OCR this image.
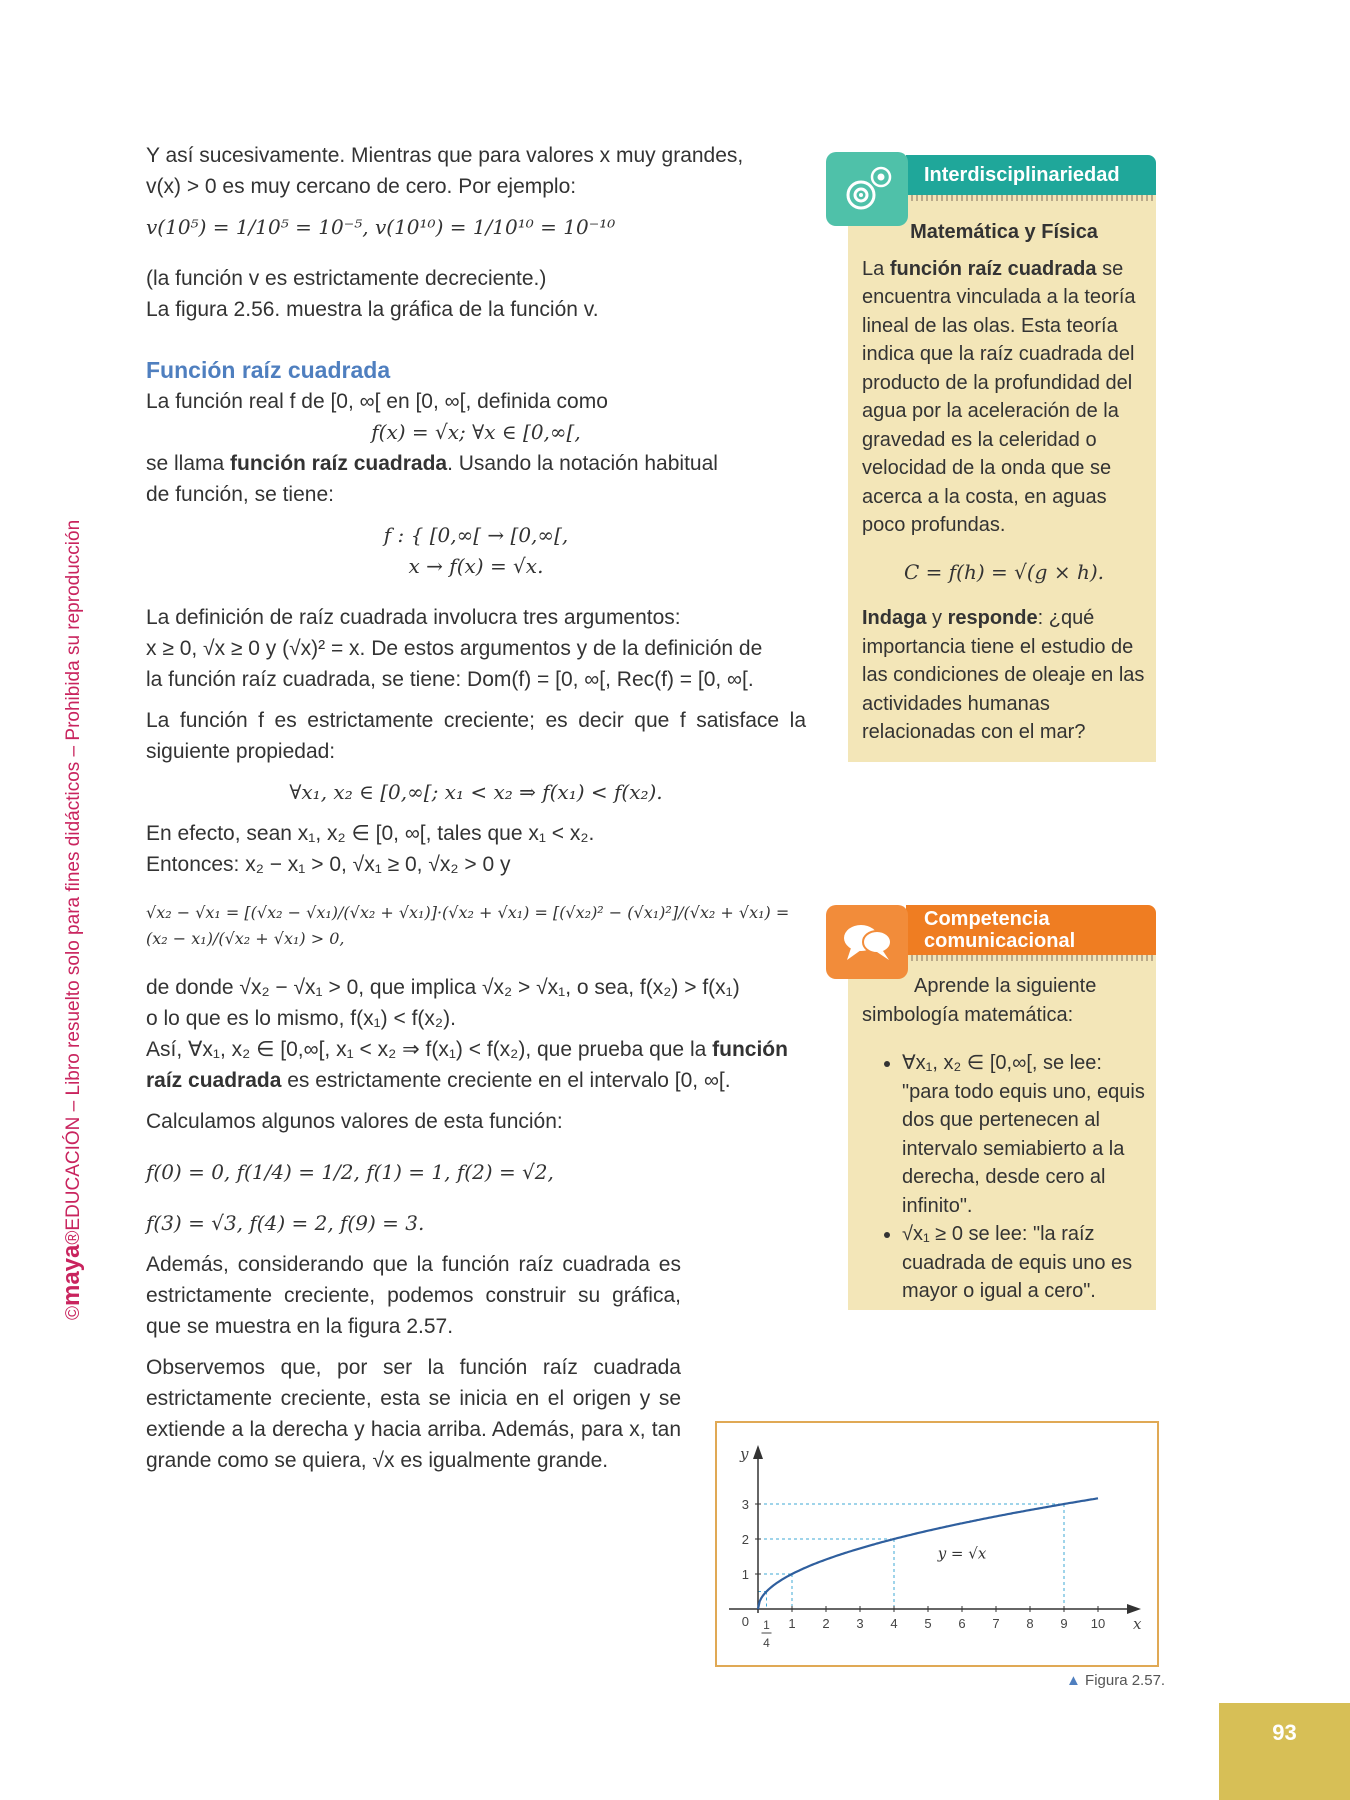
©maya®EDUCACIÓN – Libro resuelto solo para fines didácticos – Prohibida su reproducción

Y así sucesivamente. Mientras que para valores x muy grandes,

v(x) > 0 es muy cercano de cero. Por ejemplo:

v(10⁵) = 1/10⁵ = 10⁻⁵, v(10¹⁰) = 1/10¹⁰ = 10⁻¹⁰

(la función v es estrictamente decreciente.)

La figura 2.56. muestra la gráfica de la función v.

Función raíz cuadrada

La función real f de [0, ∞[ en [0, ∞[, definida como

f(x) = √x; ∀x ∈ [0,∞[,

se llama función raíz cuadrada. Usando la notación habitual

de función, se tiene:

f : { [0,∞[ → [0,∞[,

x → f(x) = √x.

La definición de raíz cuadrada involucra tres argumentos:

x ≥ 0, √x ≥ 0 y (√x)² = x. De estos argumentos y de la definición de

la función raíz cuadrada, se tiene: Dom(f) = [0, ∞[, Rec(f) = [0, ∞[.

La función f es estrictamente creciente; es decir que f satisface la siguiente propiedad:

∀x₁, x₂ ∈ [0,∞[; x₁ < x₂ ⇒ f(x₁) < f(x₂).

En efecto, sean x₁, x₂ ∈ [0, ∞[, tales que x₁ < x₂.

Entonces: x₂ − x₁ > 0, √x₁ ≥ 0, √x₂ > 0 y

√x₂ − √x₁ = [(√x₂ − √x₁)/(√x₂ + √x₁)]·(√x₂ + √x₁) = [(√x₂)² − (√x₁)²]/(√x₂ + √x₁) = (x₂ − x₁)/(√x₂ + √x₁) > 0,

de donde √x₂ − √x₁ > 0, que implica √x₂ > √x₁, o sea, f(x₂) > f(x₁)

o lo que es lo mismo, f(x₁) < f(x₂).

Así, ∀x₁, x₂ ∈ [0,∞[, x₁ < x₂ ⇒ f(x₁) < f(x₂), que prueba que la función raíz cuadrada es estrictamente creciente en el intervalo [0, ∞[.

Calculamos algunos valores de esta función:

f(0) = 0, f(1/4) = 1/2, f(1) = 1, f(2) = √2,

f(3) = √3, f(4) = 2, f(9) = 3.

Además, considerando que la función raíz cuadrada es estrictamente creciente, podemos construir su gráfica, que se muestra en la figura 2.57.

Observemos que, por ser la función raíz cuadrada estrictamente creciente, esta se inicia en el origen y se extiende a la derecha y hacia arriba. Además, para x, tan grande como se quiera, √x es igualmente grande.

Interdisciplinariedad

Matemática y Física

La función raíz cuadrada se encuentra vinculada a la teoría lineal de las olas. Esta teoría indica que la raíz cuadrada del producto de la profundidad del agua por la aceleración de la gravedad es la celeridad o velocidad de la onda que se acerca a la costa, en aguas poco profundas.

C = f(h) = √(g × h).

Indaga y responde: ¿qué importancia tiene el estudio de las condiciones de oleaje en las actividades humanas relacionadas con el mar?

Competencia
comunicacional

Aprende la siguiente simbología matemática:

• ∀x₁, x₂ ∈ [0,∞[, se lee: "para todo equis uno, equis dos que pertenecen al intervalo semiabierto a la derecha, desde cero al infinito".
• √x₁ ≥ 0 se lee: "la raíz cuadrada de equis uno es mayor o igual a cero".
1 2 3 4 5 6 7 8 9 10
1
2
3
0 1
4
x
y
y = √x
▲ Figura 2.57.
93
